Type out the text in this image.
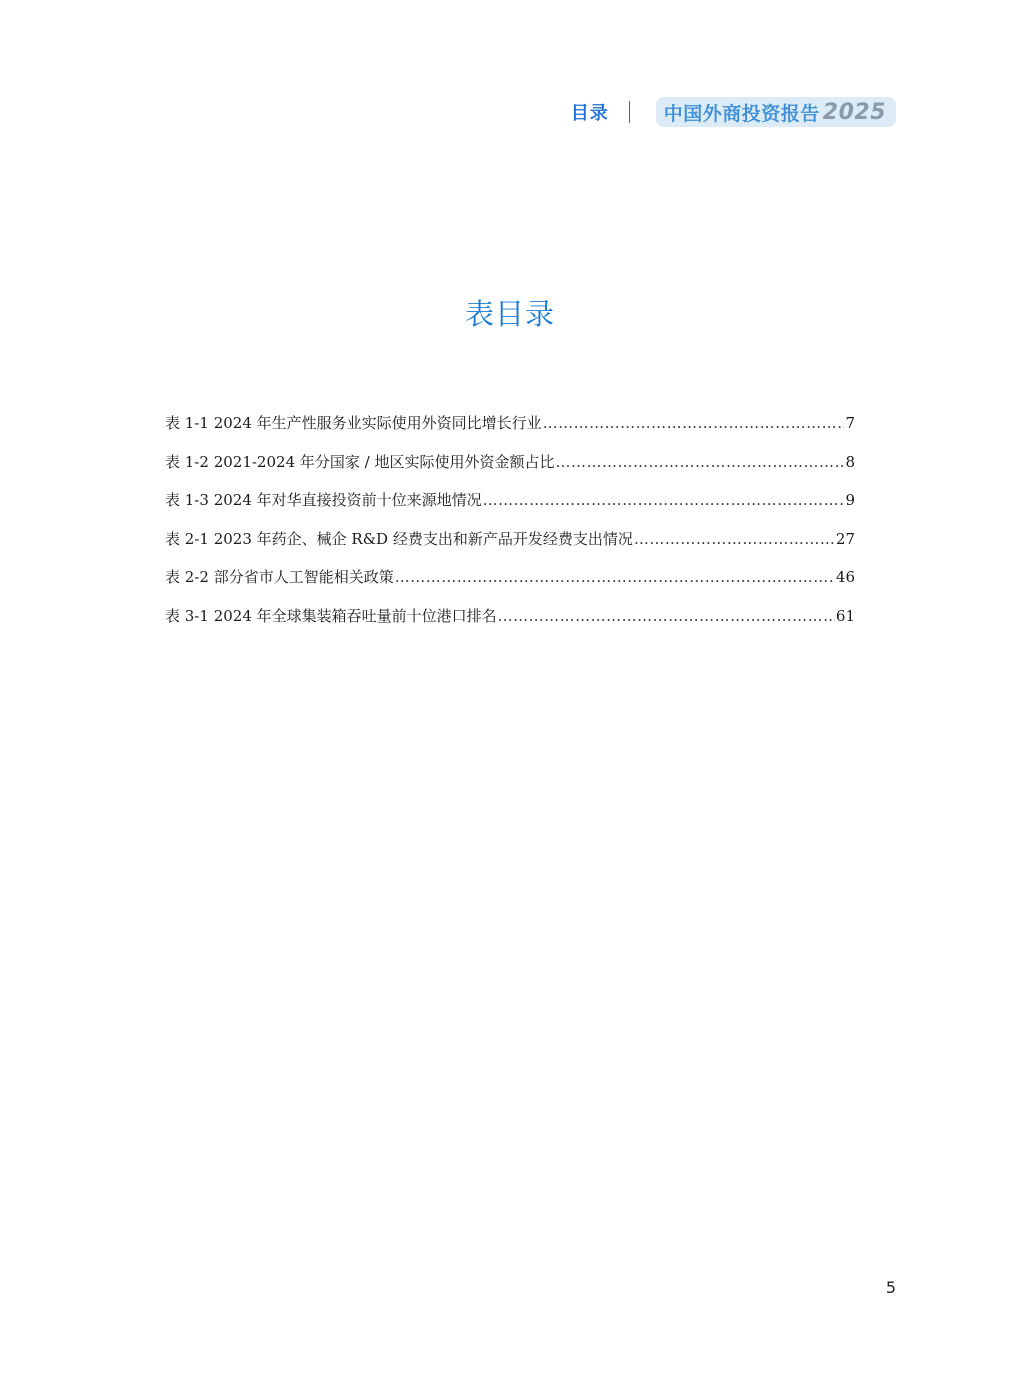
目录	中国外商投资报告 2025
表目录
表 1-1 2024 年生产性服务业实际使用外资同比增长行业 ……………………………………………………………………………………………………………………………………………………………………………………	7
表 1-2 2021-2024 年分国家 / 地区实际使用外资金额占比 ……………………………………………………………………………………………………………………………………………………………………………………	8
表 1-3 2024 年对华直接投资前十位来源地情况 ……………………………………………………………………………………………………………………………………………………………………………………	9
表 2-1 2023 年药企、械企 R&D 经费支出和新产品开发经费支出情况 ……………………………………………………………………………………………………………………………………………………………………………………	27
表 2-2 部分省市人工智能相关政策 ……………………………………………………………………………………………………………………………………………………………………………………	46
表 3-1 2024 年全球集装箱吞吐量前十位港口排名 ……………………………………………………………………………………………………………………………………………………………………………………	61
5
